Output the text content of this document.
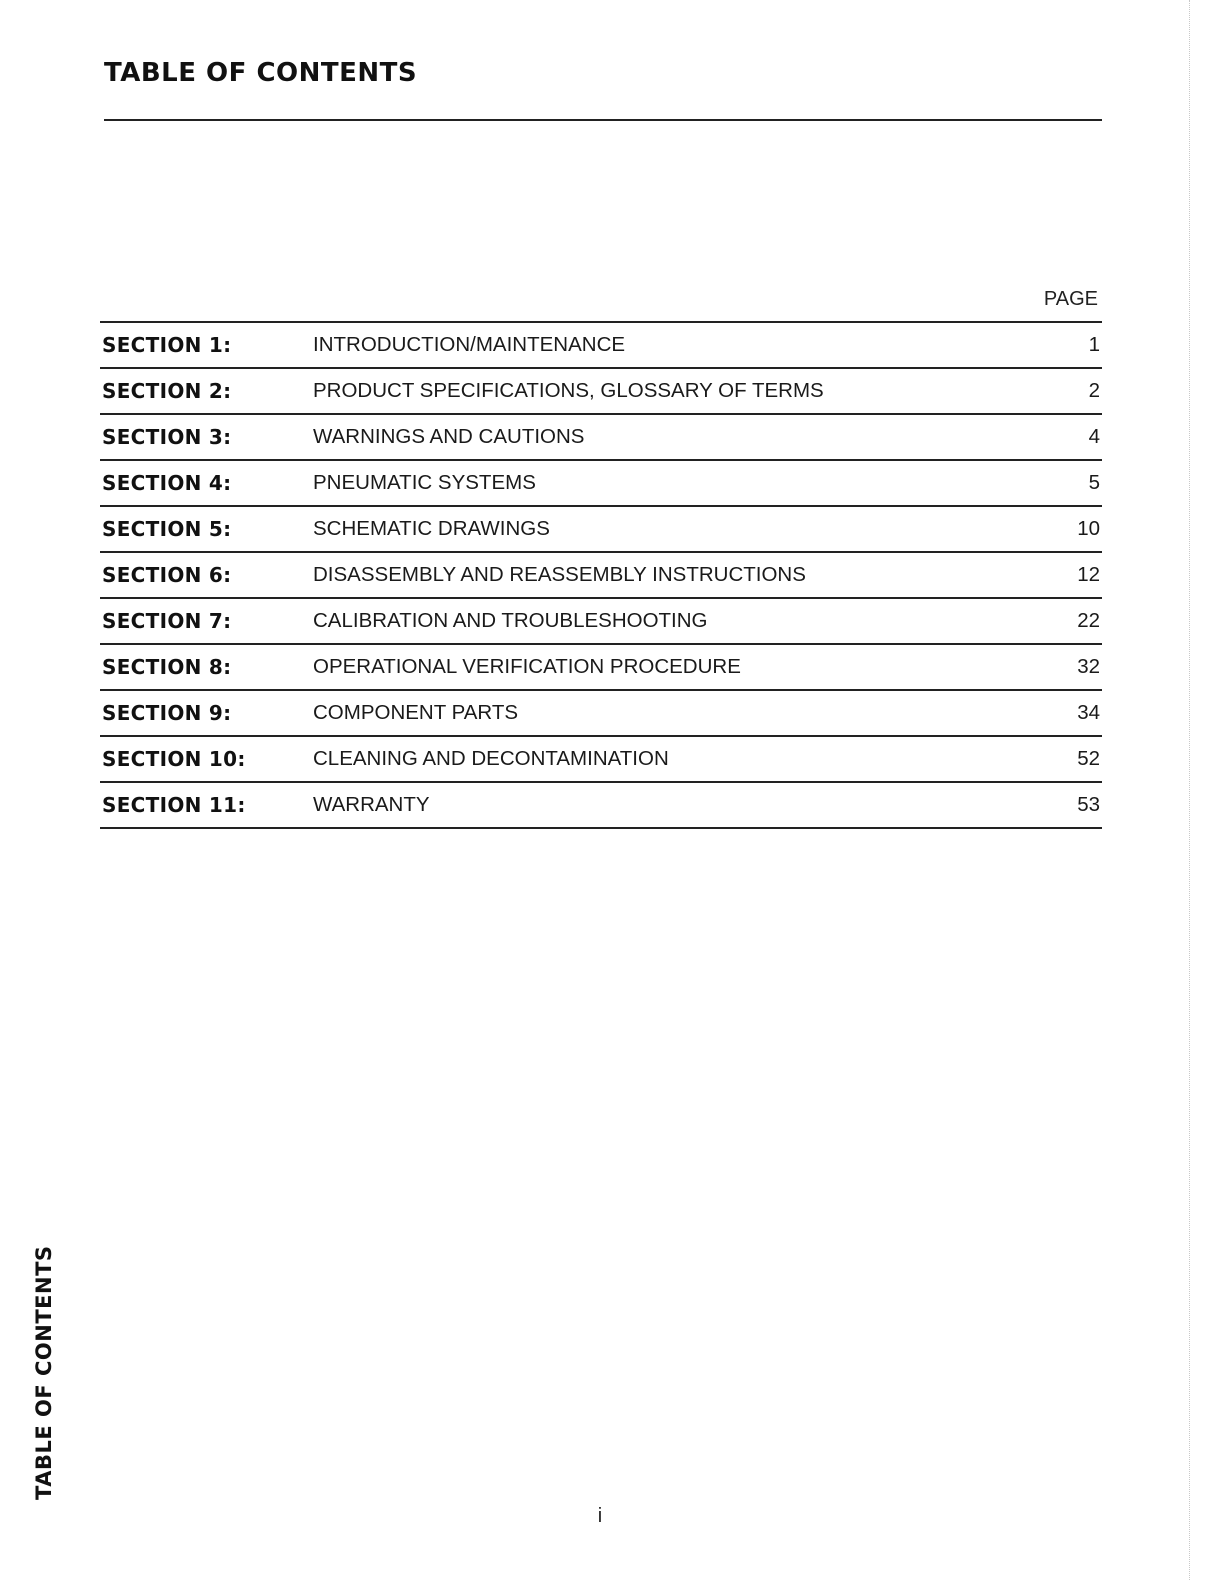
TABLE OF CONTENTS
PAGE
SECTION 1:	INTRODUCTION/MAINTENANCE	1
SECTION 2:	PRODUCT SPECIFICATIONS, GLOSSARY OF TERMS	2
SECTION 3:	WARNINGS AND CAUTIONS	4
SECTION 4:	PNEUMATIC SYSTEMS	5
SECTION 5:	SCHEMATIC DRAWINGS	10
SECTION 6:	DISASSEMBLY AND REASSEMBLY INSTRUCTIONS	12
SECTION 7:	CALIBRATION AND TROUBLESHOOTING	22
SECTION 8:	OPERATIONAL VERIFICATION PROCEDURE	32
SECTION 9:	COMPONENT PARTS	34
SECTION 10:	CLEANING AND DECONTAMINATION	52
SECTION 11:	WARRANTY	53
TABLE OF CONTENTS
i
